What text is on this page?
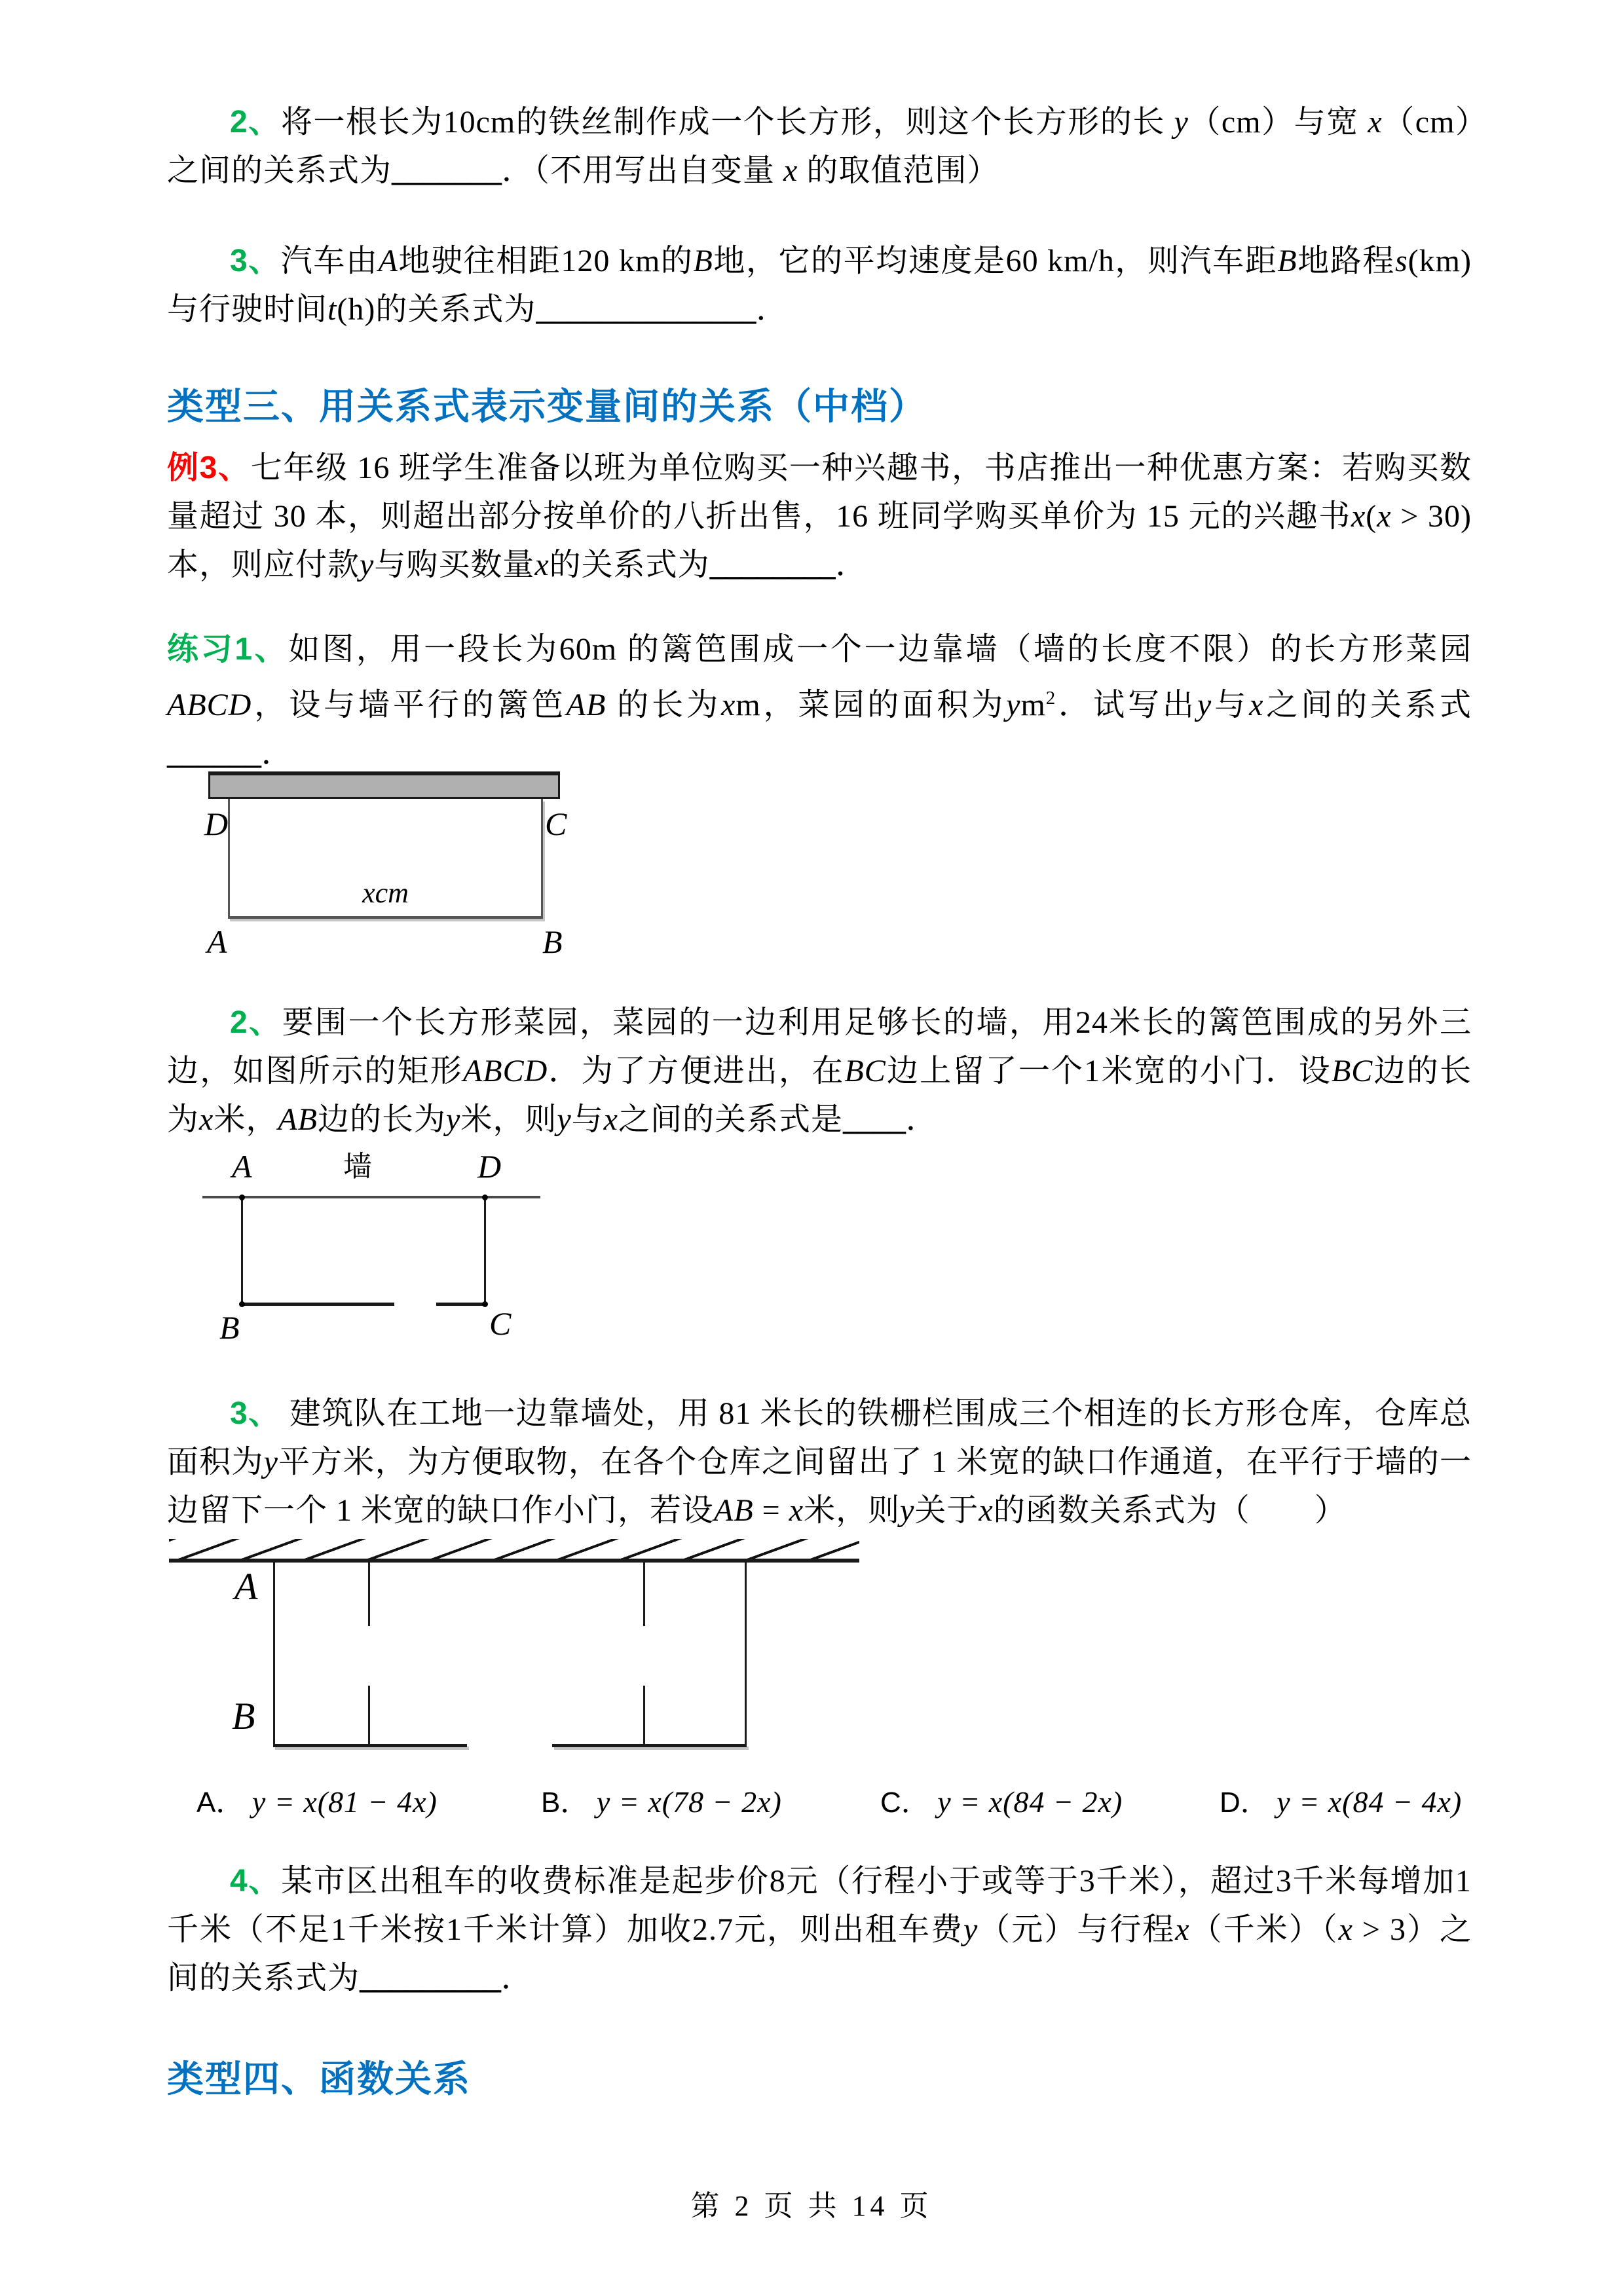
2、将一根长为10cm的铁丝制作成一个长方形，则这个长方形的长 y（cm）与宽 x（cm）之间的关系式为_______．（不用写出自变量 x 的取值范围）
3、汽车由A地驶往相距120 km的B地，它的平均速度是60 km/h，则汽车距B地路程s(km)与行驶时间t(h)的关系式为______________．
类型三、用关系式表示变量间的关系（中档）
例3、七年级 16 班学生准备以班为单位购买一种兴趣书，书店推出一种优惠方案：若购买数量超过 30 本，则超出部分按单价的八折出售，16 班同学购买单价为 15 元的兴趣书x(x > 30)本，则应付款y与购买数量x的关系式为________．
练习1、如图，用一段长为60m 的篱笆围成一个一边靠墙（墙的长度不限）的长方形菜园ABCD，设与墙平行的篱笆AB 的长为xm，菜园的面积为$ym^2$．试写出y与x之间的关系式______．
D	C
A	B
xcm
2、要围一个长方形菜园，菜园的一边利用足够长的墙，用24米长的篱笆围成的另外三边，如图所示的矩形ABCD．为了方便进出，在BC边上留了一个1米宽的小门．设BC边的长为x米，AB边的长为y米，则y与x之间的关系式是____．
A	墙	D
B	C
3、 建筑队在工地一边靠墙处，用 81 米长的铁栅栏围成三个相连的长方形仓库，仓库总面积为y平方米，为方便取物，在各个仓库之间留出了 1 米宽的缺口作通道，在平行于墙的一边留下一个 1 米宽的缺口作小门，若设AB = x米，则y关于x的函数关系式为（　　）
A
B
A． y = x(81 − 4x)	B． y = x(78 − 2x)	C． y = x(84 − 2x)	D． y = x(84 − 4x)
4、某市区出租车的收费标准是起步价8元（行程小于或等于3千米），超过3千米每增加1千米（不足1千米按1千米计算）加收2.7元，则出租车费y（元）与行程x（千米）（x > 3）之间的关系式为_________．
类型四、函数关系
第 2 页 共 14 页
